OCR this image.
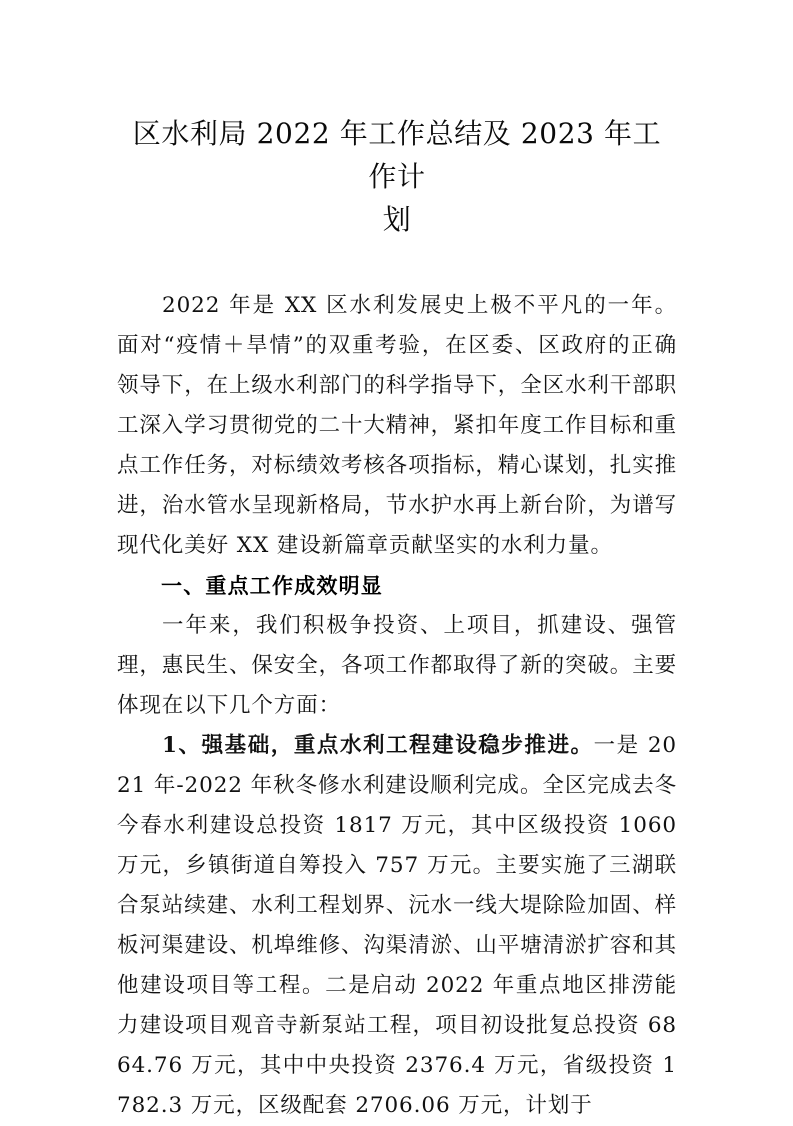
区水利局 2022 年工作总结及 2023 年工作计
划

2022 年是 XX 区水利发展史上极不平凡的一年。面对“疫情＋旱情”的双重考验，在区委、区政府的正确领导下，在上级水利部门的科学指导下，全区水利干部职工深入学习贯彻党的二十大精神，紧扣年度工作目标和重点工作任务，对标绩效考核各项指标，精心谋划，扎实推进，治水管水呈现新格局，节水护水再上新台阶，为谱写现代化美好 XX 建设新篇章贡献坚实的水利力量。

一、重点工作成效明显

一年来，我们积极争投资、上项目，抓建设、强管理，惠民生、保安全，各项工作都取得了新的突破。主要体现在以下几个方面：

1、强基础，重点水利工程建设稳步推进。一是 2021 年-2022 年秋冬修水利建设顺利完成。全区完成去冬今春水利建设总投资 1817 万元，其中区级投资 1060 万元，乡镇街道自筹投入 757 万元。主要实施了三湖联合泵站续建、水利工程划界、沅水一线大堤除险加固、样板河渠建设、机埠维修、沟渠清淤、山平塘清淤扩容和其他建设项目等工程。二是启动 2022 年重点地区排涝能力建设项目观音寺新泵站工程，项目初设批复总投资 6864.76 万元，其中中央投资 2376.4 万元，省级投资 1782.3 万元，区级配套 2706.06 万元，计划于
